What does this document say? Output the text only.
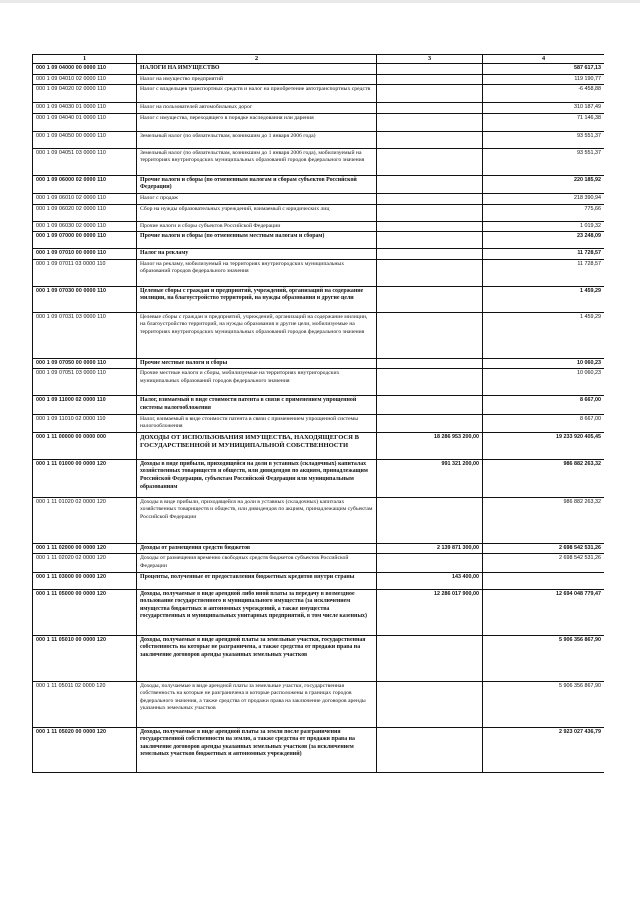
1	2	3	4
000 1 09 04000 00 0000 110	НАЛОГИ НА ИМУЩЕСТВО		587 617,13
000 1 09 04010 02 0000 110	Налог на имущество предприятий		119 190,77
000 1 09 04020 02 0000 110	Налог с владельцев транспортных средств и налог на приобретение автотранспортных средств		-6 458,88
000 1 09 04030 01 0000 110	Налог на пользователей автомобильных дорог		310 187,49
000 1 09 04040 01 0000 110	Налог с имущества, переходящего в порядке наследования или дарения		71 146,38
000 1 09 04050 00 0000 110	Земельный налог (по обязательствам, возникшим до 1 января 2006 года)		93 551,37
000 1 09 04051 03 0000 110	Земельный налог (по обязательствам, возникшим до 1 января 2006 года), мобилизуемый на территориях внутригородских муниципальных образований городов федерального значения		93 551,37
000 1 09 06000 02 0000 110	Прочие налоги и сборы (по отмененным налогам и сборам субъектов Российской Федерации)		220 185,92
000 1 09 06010 02 0000 110	Налог с продаж		218 390,94
000 1 09 06020 02 0000 110	Сбор на нужды образовательных учреждений, взимаемый с юридических лиц		775,66
000 1 09 06030 02 0000 110	Прочие налоги и сборы субъектов Российской Федерации		1 019,32
000 1 09 07000 00 0000 110	Прочие налоги и сборы (по отмененным местным налогам и сборам)		23 248,09
000 1 09 07010 00 0000 110	Налог на рекламу		11 728,57
000 1 09 07011 03 0000 110	Налог на рекламу, мобилизуемый на территориях внутригородских муниципальных образований городов федерального значения		11 728,57
000 1 09 07030 00 0000 110	Целевые сборы с граждан и предприятий, учреждений, организаций на содержание милиции, на благоустройство территорий, на нужды образования и другие цели		1 459,29
000 1 09 07031 03 0000 110	Целевые сборы с граждан и предприятий, учреждений, организаций на содержание милиции, на благоустройство территорий, на нужды образования и другие цели, мобилизуемые на территориях внутригородских муниципальных образований городов федерального значения		1 459,29
000 1 09 07050 00 0000 110	Прочие местные налоги и сборы		10 060,23
000 1 09 07051 03 0000 110	Прочие местные налоги и сборы, мобилизуемые на территориях внутригородских муниципальных образований городов федерального значения		10 060,23
000 1 09 11000 02 0000 110	Налог, взимаемый в виде стоимости патента в связи с применением упрощенной системы налогообложения		8 667,00
000 1 09 11010 02 0000 110	Налог, взимаемый в виде стоимости патента в связи с применением упрощенной системы налогообложения		8 667,00
000 1 11 00000 00 0000 000	ДОХОДЫ ОТ ИСПОЛЬЗОВАНИЯ ИМУЩЕСТВА, НАХОДЯЩЕГОСЯ В ГОСУДАРСТВЕННОЙ И МУНИЦИПАЛЬНОЙ СОБСТВЕННОСТИ	18 286 953 200,00	19 233 920 405,45
000 1 11 01000 00 0000 120	Доходы в виде прибыли, приходящейся на доли в уставных (складочных) капиталах хозяйственных товариществ и обществ, или дивидендов по акциям, принадлежащим Российской Федерации, субъектам Российской Федерации или муниципальным образованиям	991 321 200,00	986 882 263,32
000 1 11 01020 02 0000 120	Доходы в виде прибыли, приходящейся на доли в уставных (складочных) капиталах хозяйственных товариществ и обществ, или дивидендов по акциям, принадлежащим субъектам Российской Федерации		986 882 263,32
000 1 11 02000 00 0000 120	Доходы от размещения средств бюджетов	2 139 871 300,00	2 698 542 531,26
000 1 11 02020 02 0000 120	Доходы от размещения временно свободных средств бюджетов субъектов Российской Федерации		2 698 542 531,26
000 1 11 03000 00 0000 120	Проценты, полученные от предоставления бюджетных кредитов внутри страны	143 400,00	
000 1 11 05000 00 0000 120	Доходы, получаемые в виде арендной либо иной платы за передачу в возмездное пользование государственного и муниципального имущества (за исключением имущества бюджетных и автономных учреждений, а также имущества государственных и муниципальных унитарных предприятий, в том числе казенных)	12 286 017 900,00	12 694 048 779,47
000 1 11 05010 00 0000 120	Доходы, получаемые в виде арендной платы за земельные участки, государственная собственность на которые не разграничена, а также средства от продажи права на заключение договоров аренды указанных земельных участков		5 906 356 867,90
000 1 11 05011 02 0000 120	Доходы, получаемые в виде арендной платы за земельные участки, государственная собственность на которые не разграничена и которые расположены в границах городов федерального значения, а также средства от продажи права на заключение договоров аренды указанных земельных участков		5 906 356 867,90
000 1 11 05020 00 0000 120	Доходы, получаемые в виде арендной платы за земли после разграничения государственной собственности на землю, а также средства от продажи права на заключение договоров аренды указанных земельных участков (за исключением земельных участков бюджетных и автономных учреждений)		2 923 027 436,79
